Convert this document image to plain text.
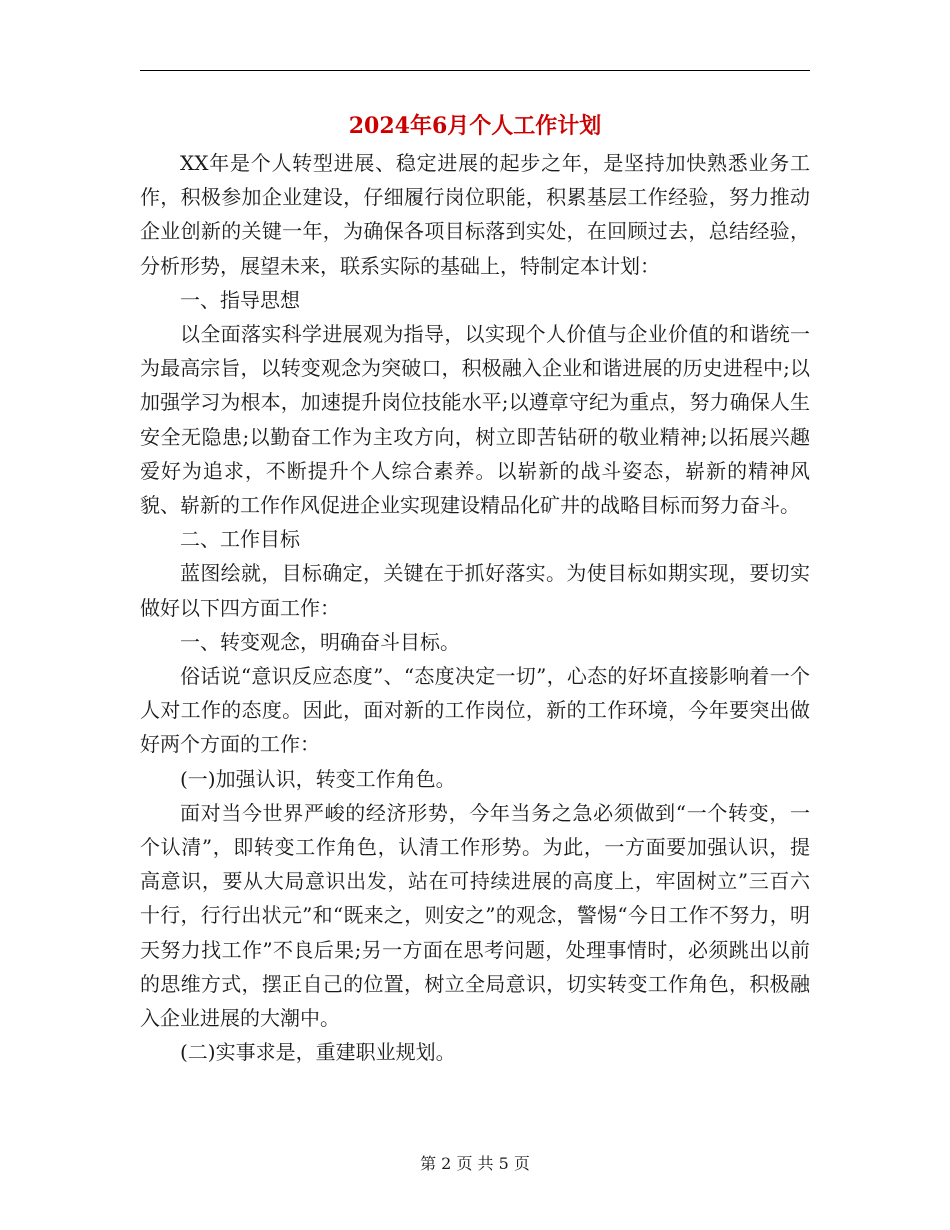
2024年6月个人工作计划

XX年是个人转型进展、稳定进展的起步之年，是坚持加快熟悉业务工作，积极参加企业建设，仔细履行岗位职能，积累基层工作经验，努力推动企业创新的关键一年，为确保各项目标落到实处，在回顾过去，总结经验，分析形势，展望未来，联系实际的基础上，特制定本计划：

一、指导思想

以全面落实科学进展观为指导，以实现个人价值与企业价值的和谐统一为最高宗旨，以转变观念为突破口，积极融入企业和谐进展的历史进程中;以加强学习为根本，加速提升岗位技能水平;以遵章守纪为重点，努力确保人生安全无隐患;以勤奋工作为主攻方向，树立即苦钻研的敬业精神;以拓展兴趣爱好为追求，不断提升个人综合素养。以崭新的战斗姿态，崭新的精神风貌、崭新的工作作风促进企业实现建设精品化矿井的战略目标而努力奋斗。

二、工作目标

蓝图绘就，目标确定，关键在于抓好落实。为使目标如期实现，要切实做好以下四方面工作：

一、转变观念，明确奋斗目标。

俗话说“意识反应态度”、“态度决定一切”，心态的好坏直接影响着一个人对工作的态度。因此，面对新的工作岗位，新的工作环境，今年要突出做好两个方面的工作：

(一)加强认识，转变工作角色。

面对当今世界严峻的经济形势，今年当务之急必须做到“一个转变，一个认清”，即转变工作角色，认清工作形势。为此，一方面要加强认识，提高意识，要从大局意识出发，站在可持续进展的高度上，牢固树立”三百六十行，行行出状元”和“既来之，则安之”的观念，警惕“今日工作不努力，明天努力找工作”不良后果;另一方面在思考问题，处理事情时，必须跳出以前的思维方式，摆正自己的位置，树立全局意识，切实转变工作角色，积极融入企业进展的大潮中。

(二)实事求是，重建职业规划。

第 2 页 共 5 页
